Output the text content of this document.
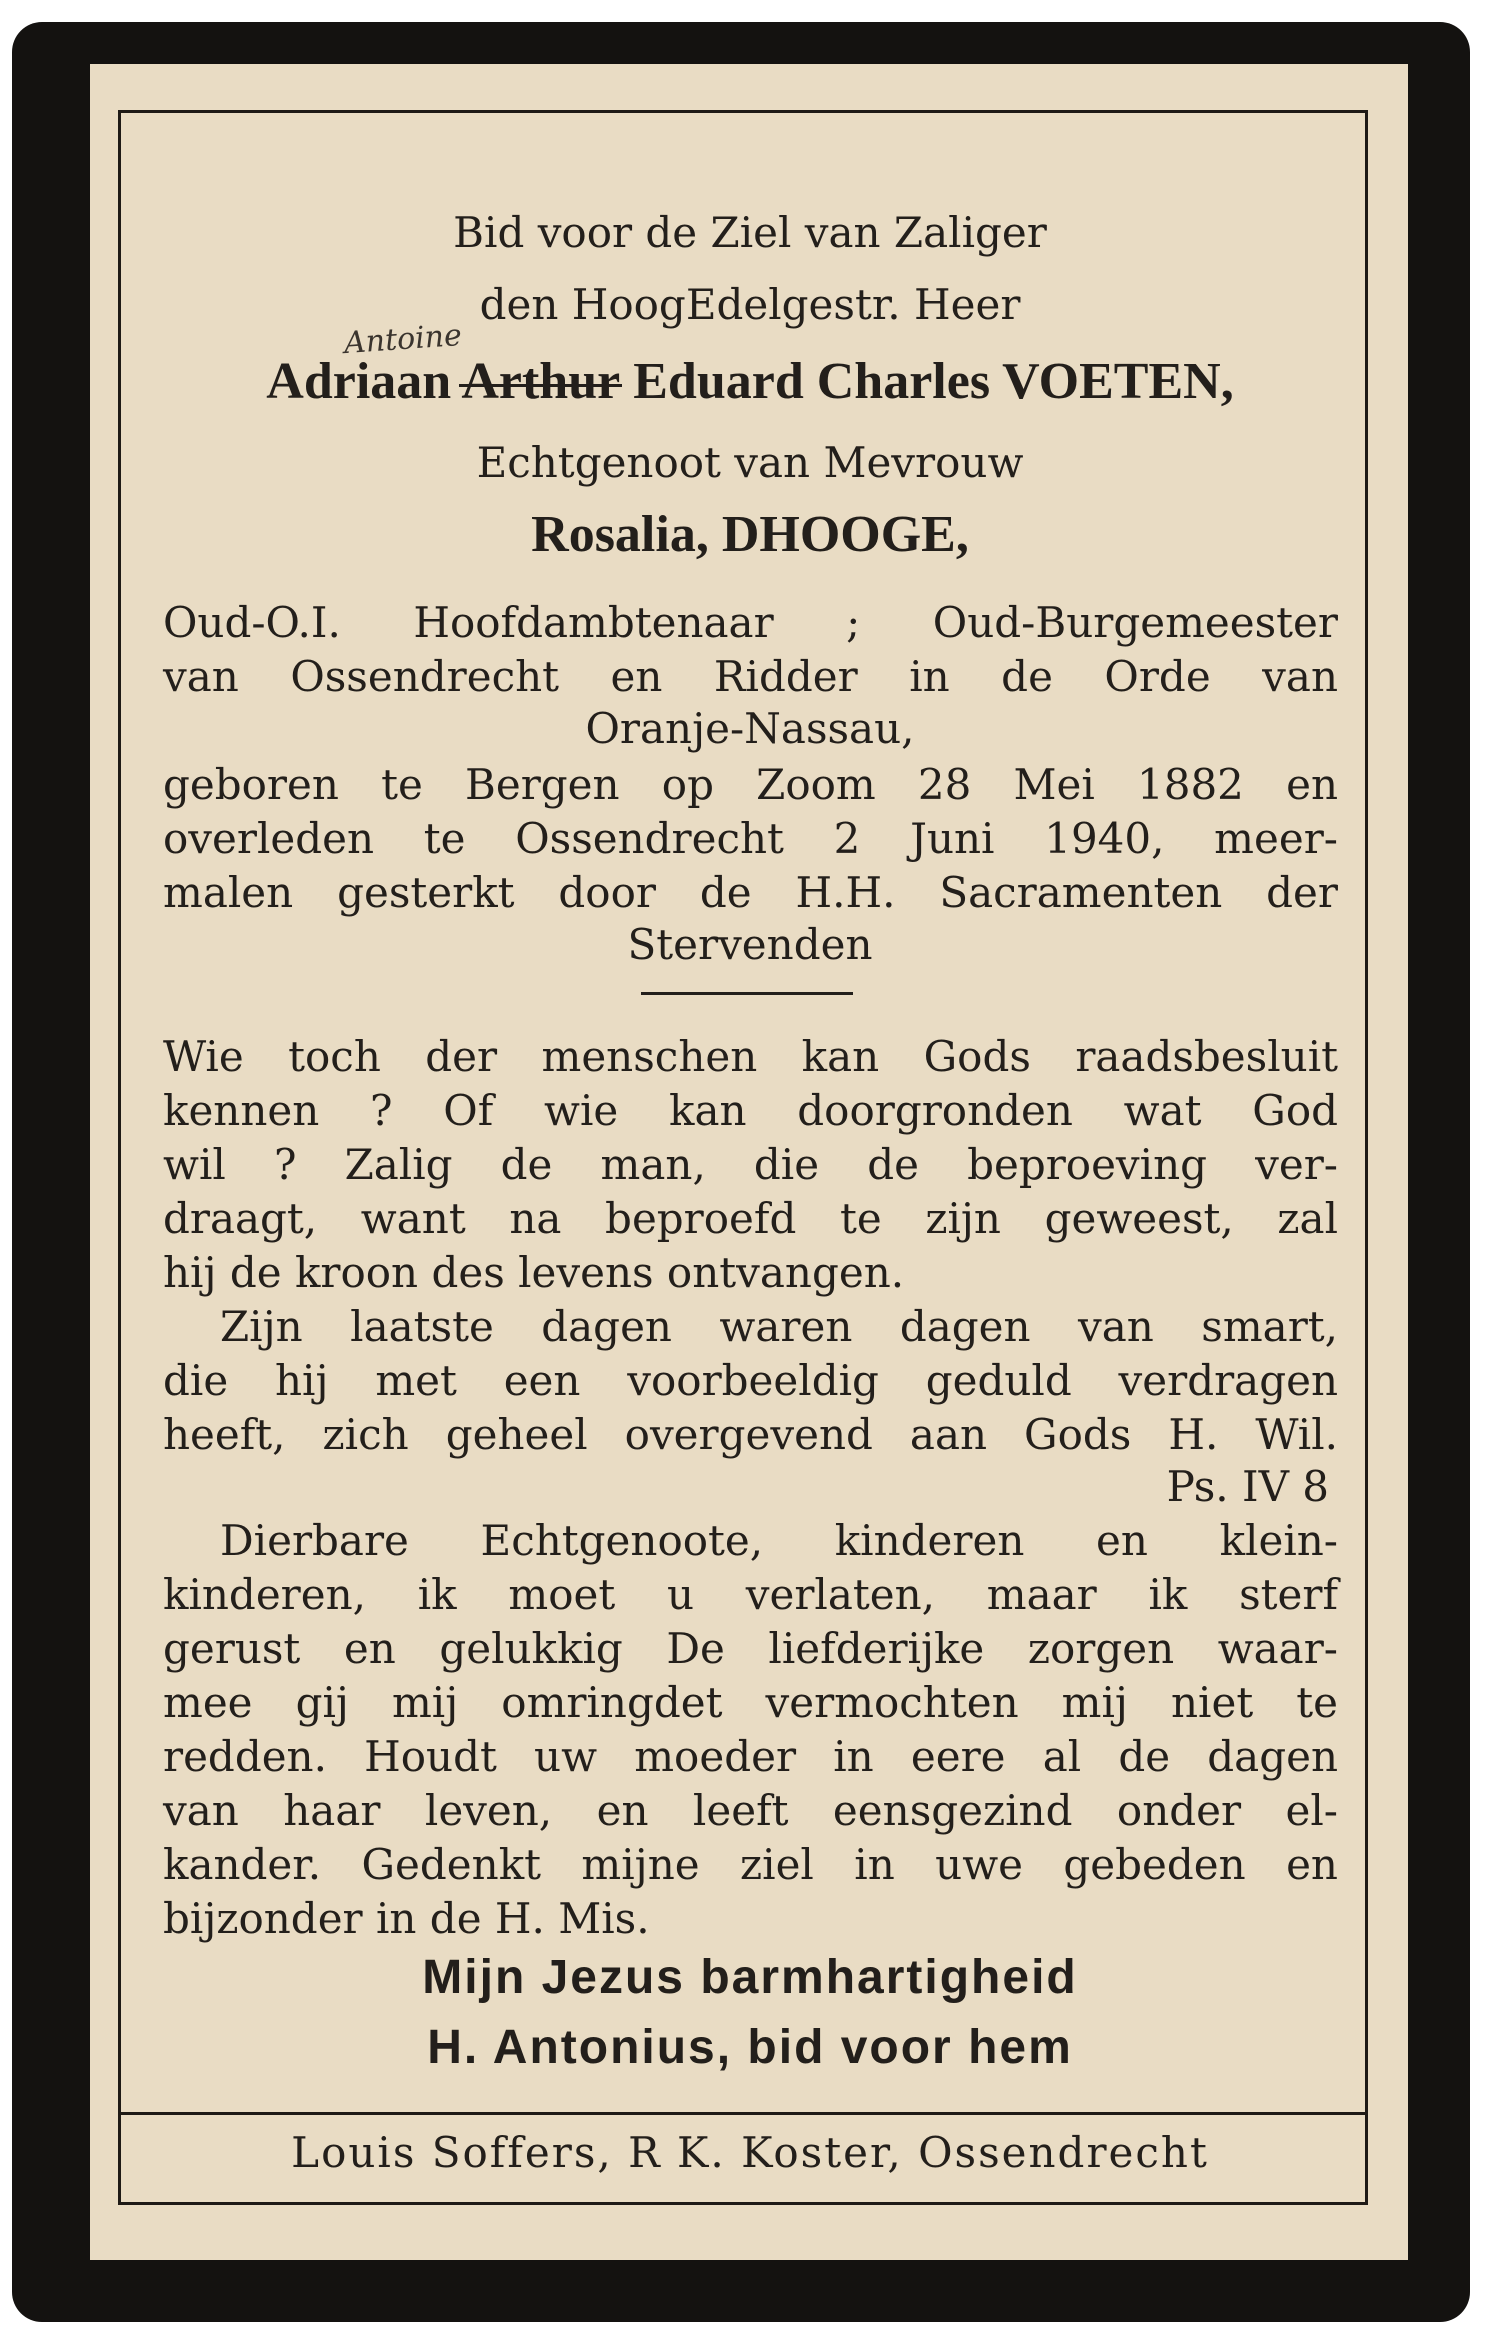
Bid voor de Ziel van Zaliger
den HoogEdelgestr. Heer
Antoine
Adriaan Arthur Eduard Charles VOETEN,
Echtgenoot van Mevrouw
Rosalia, DHOOGE,
Oud-O.I. Hoofdambtenaar ; Oud-Burgemeester
van Ossendrecht en Ridder in de Orde van
Oranje-Nassau,
geboren te Bergen op Zoom 28 Mei 1882 en
overleden te Ossendrecht 2 Juni 1940, meer-
malen gesterkt door de H.H. Sacramenten der
Stervenden
Wie toch der menschen kan Gods raadsbesluit
kennen ? Of wie kan doorgronden wat God
wil ? Zalig de man, die de beproeving ver-
draagt, want na beproefd te zijn geweest, zal
hij de kroon des levens ontvangen.
Zijn laatste dagen waren dagen van smart,
die hij met een voorbeeldig geduld verdragen
heeft, zich geheel overgevend aan Gods H. Wil.
Ps. IV 8
Dierbare Echtgenoote, kinderen en klein-
kinderen, ik moet u verlaten, maar ik sterf
gerust en gelukkig De liefderijke zorgen waar-
mee gij mij omringdet vermochten mij niet te
redden. Houdt uw moeder in eere al de dagen
van haar leven, en leeft eensgezind onder el-
kander. Gedenkt mijne ziel in uwe gebeden en
bijzonder in de H. Mis.
Mijn Jezus barmhartigheid
H. Antonius, bid voor hem
Louis Soffers, R K. Koster, Ossendrecht
